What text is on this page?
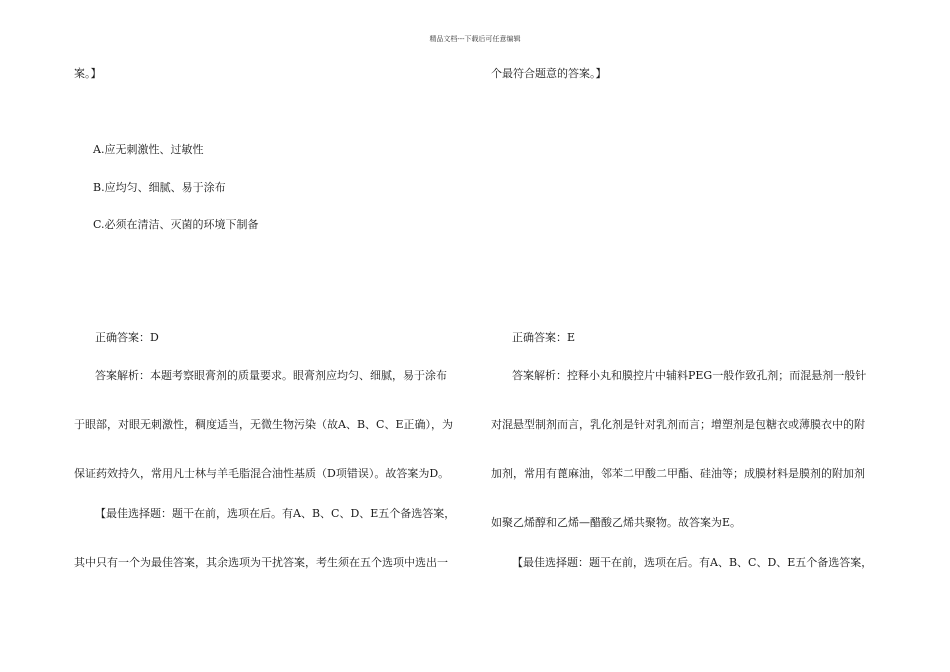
精品文档---下载后可任意编辑
案。】
A.应无刺激性、过敏性
B.应均匀、细腻、易于涂布
C.必须在清洁、灭菌的环境下制备
正确答案：D
答案解析：本题考察眼膏剂的质量要求。眼膏剂应均匀、细腻，易于涂布
于眼部，对眼无刺激性，稠度适当，无微生物污染（故A、B、C、E正确），为
保证药效持久，常用凡士林与羊毛脂混合油性基质（D项错误）。故答案为D。
【最佳选择题：题干在前，选项在后。有A、B、C、D、E五个备选答案，
其中只有一个为最佳答案，其余选项为干扰答案，考生须在五个选项中选出一
个最符合题意的答案。】
正确答案：E
答案解析：控释小丸和膜控片中辅料PEG一般作致孔剂；而混悬剂一般针
对混悬型制剂而言，乳化剂是针对乳剂而言；增塑剂是包糖衣或薄膜衣中的附
加剂，常用有蓖麻油，邻苯二甲酸二甲酯、硅油等；成膜材料是膜剂的附加剂
如聚乙烯醇和乙烯—醋酸乙烯共聚物。故答案为E。
【最佳选择题：题干在前，选项在后。有A、B、C、D、E五个备选答案，
